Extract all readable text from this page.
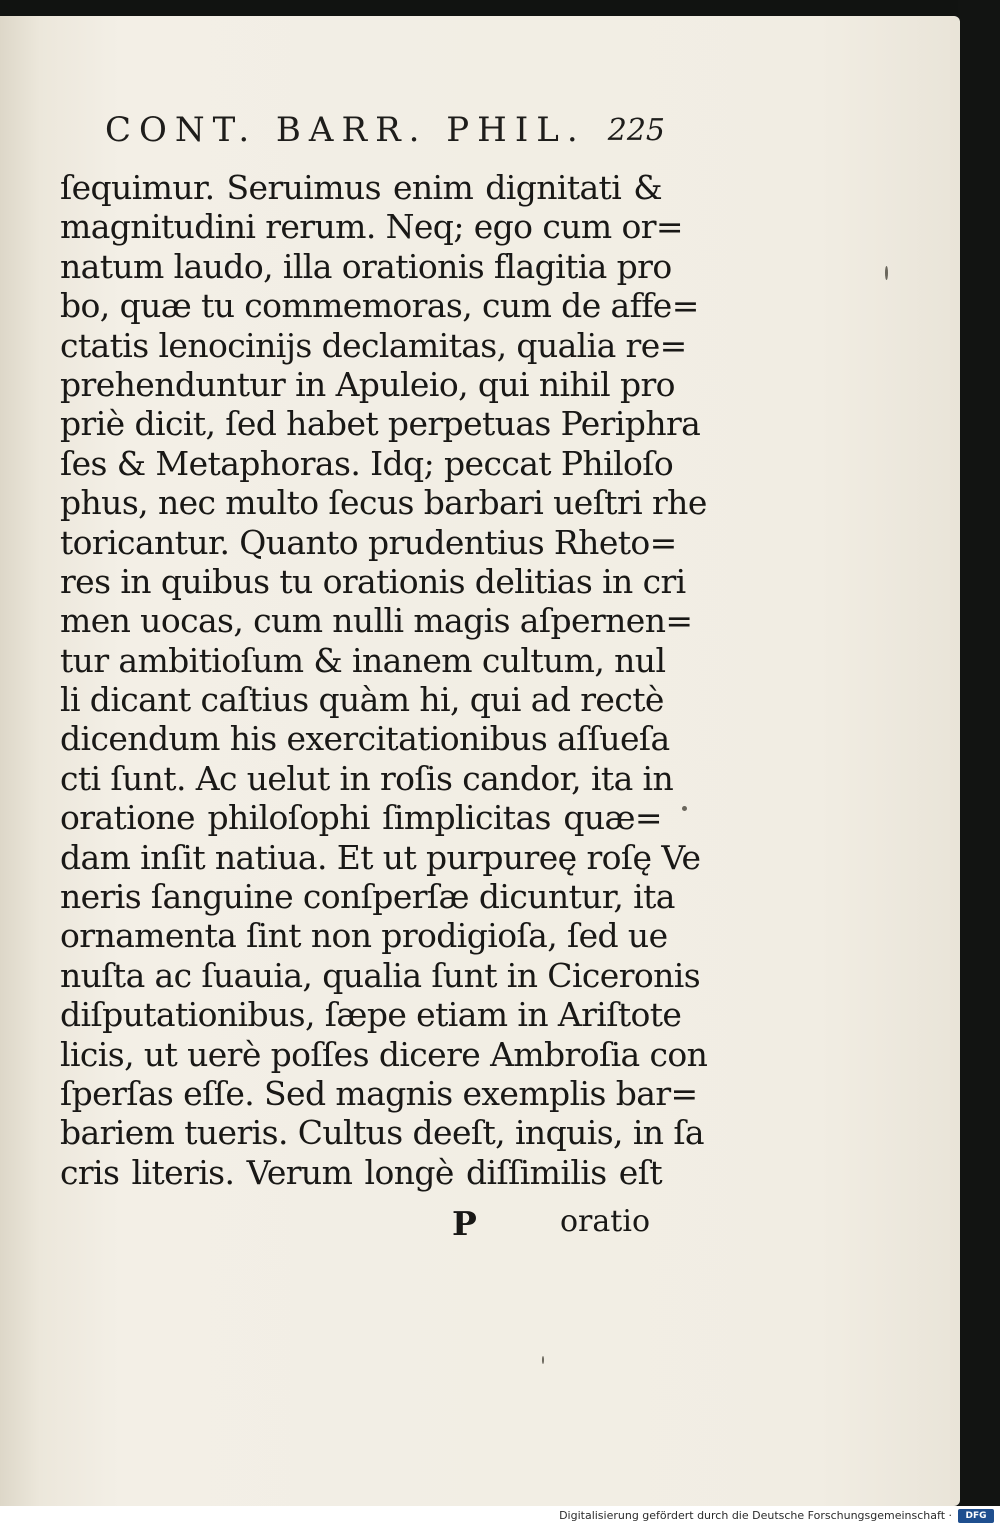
CONT. BARR. PHIL. 225
ſequimur. Seruimus enim dignitati &
magnitudini rerum. Neq; ego cum or=
natum laudo, illa orationis flagitia pro
bo, quæ tu commemoras, cum de affe=
ctatis lenocinijs declamitas, qualia re=
prehenduntur in Apuleio, qui nihil pro
priè dicit, ſed habet perpetuas Periphra
ſes & Metaphoras. Idq; peccat Philoſo
phus, nec multo ſecus barbari ueſtri rhe
toricantur. Quanto prudentius Rheto=
res in quibus tu orationis delitias in cri
men uocas, cum nulli magis aſpernen=
tur ambitioſum & inanem cultum, nul
li dicant caſtius quàm hi, qui ad rectè
dicendum his exercitationibus aſſueſa
cti ſunt. Ac uelut in roſis candor, ita in
oratione philoſophi ſimplicitas quæ=
dam inſit natiua. Et ut purpureę roſę Ve
neris ſanguine conſperſæ dicuntur, ita
ornamenta ſint non prodigioſa, ſed ue
nuſta ac ſuauia, qualia ſunt in Ciceronis
diſputationibus, ſæpe etiam in Ariſtote
licis, ut uerè poſſes dicere Ambroſia con
ſperſas eſſe. Sed magnis exemplis bar=
bariem tueris. Cultus deeſt, inquis, in ſa
cris literis. Verum longè diſſimilis eſt
P	oratio
Digitalisierung gefördert durch die Deutsche Forschungsgemeinschaft ·	DFG
